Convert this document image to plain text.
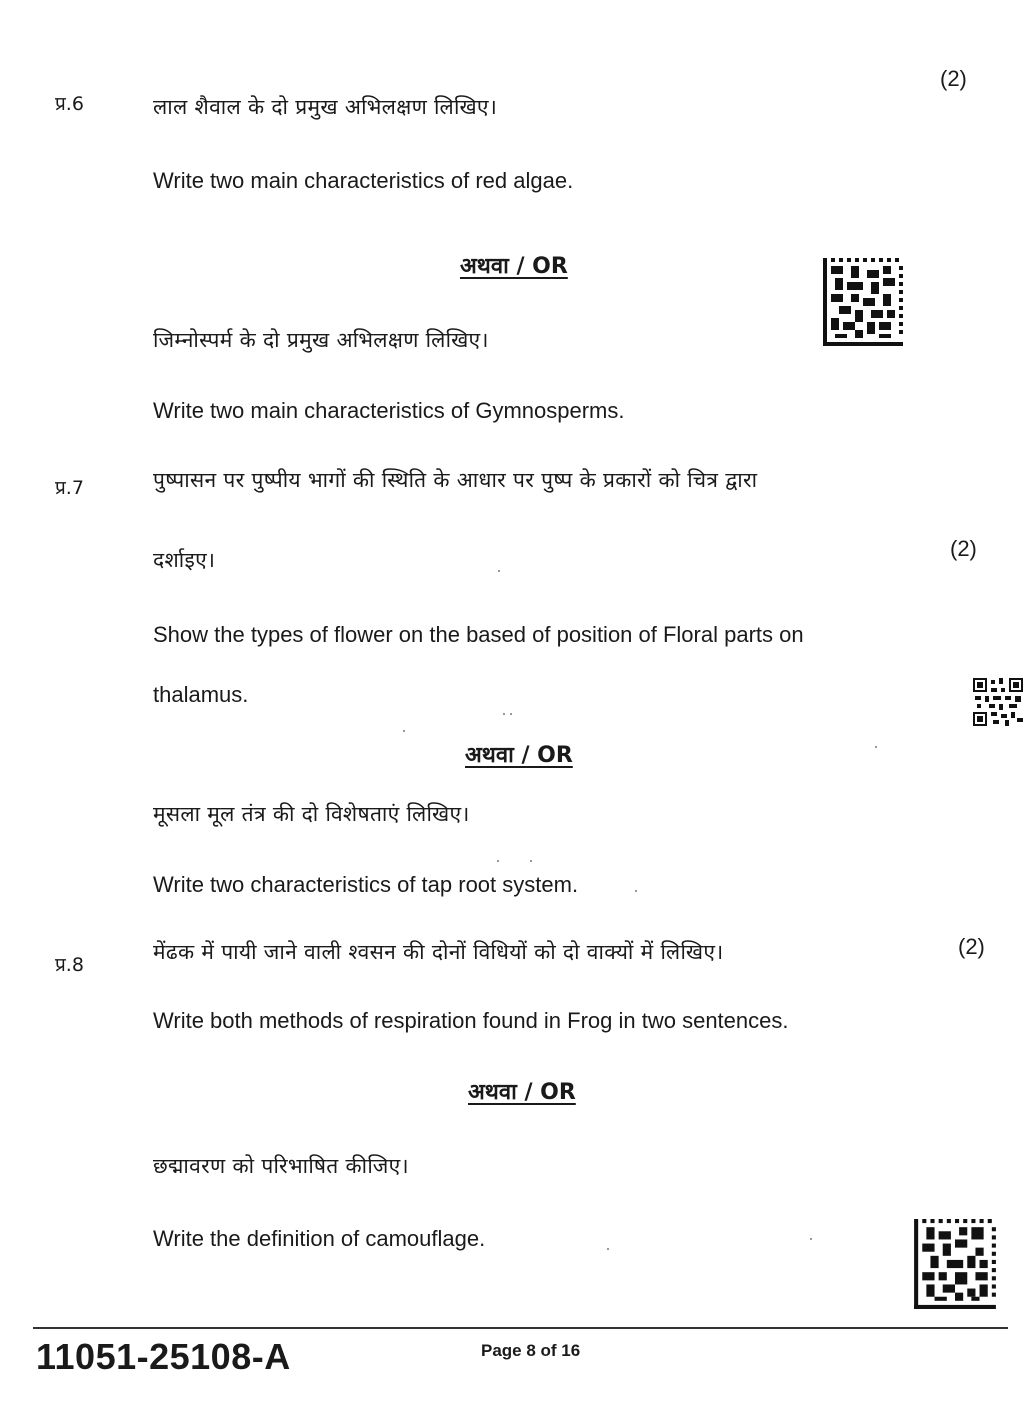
(2)
प्र.6	लाल शैवाल के दो प्रमुख अभिलक्षण लिखिए।
Write two main characteristics of red algae.
अथवा / OR
जिम्नोस्पर्म के दो प्रमुख अभिलक्षण लिखिए।
Write two main characteristics of Gymnosperms.
प्र.7	पुष्पासन पर पुष्पीय भागों की स्थिति के आधार पर पुष्प के प्रकारों को चित्र द्वारा
दर्शाइए।	(2)
Show the types of flower on the based of position of Floral parts on
thalamus.
अथवा / OR
मूसला मूल तंत्र की दो विशेषताएं लिखिए।
Write two characteristics of tap root system.
प्र.8
मेंढक में पायी जाने वाली श्वसन की दोनों विधियों को दो वाक्यों में लिखिए।	(2)
Write both methods of respiration found in Frog in two sentences.
अथवा / OR
छद्मावरण को परिभाषित कीजिए।
Write the definition of camouflage.
11051-25108-A	Page 8 of 16
